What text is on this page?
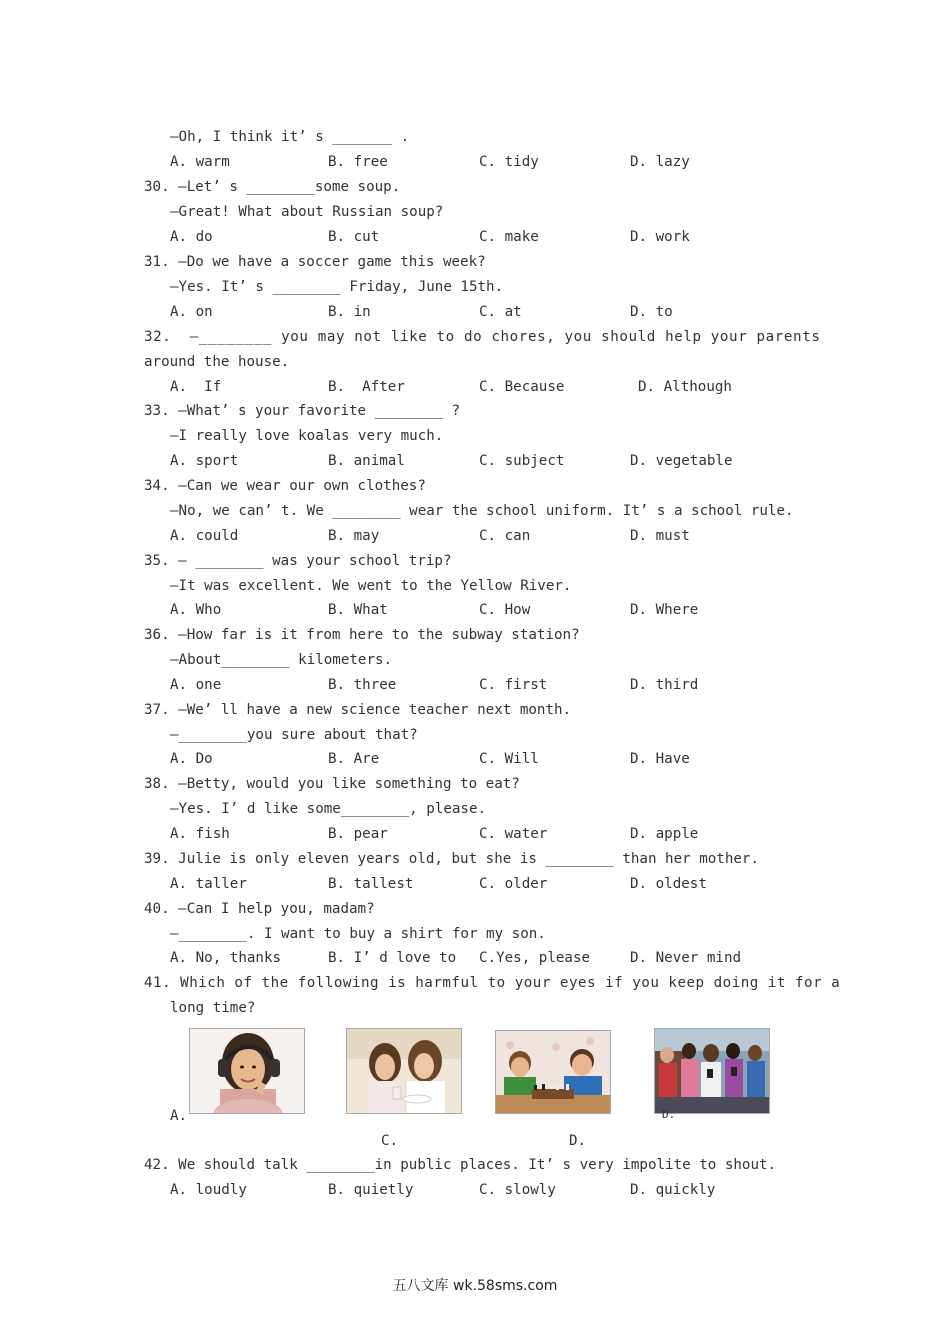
—Oh, I think it’ s _______ .
A. warm	B. free	C. tidy	D. lazy
30. —Let’ s ________some soup.
—Great! What about Russian soup?
A. do	B. cut	C. make	D. work
31. —Do we have a soccer game this week?
—Yes. It’ s ________ Friday, June 15th.
A. on	B. in	C. at	D. to
32.  —________ you may not like to do chores, you should help your parents
around the house.
A.  If	B.  After	C. Because	D. Although
33. —What’ s your favorite ________ ?
—I really love koalas very much.
A. sport	B. animal	C. subject	D. vegetable
34. —Can we wear our own clothes?
—No, we can’ t. We ________ wear the school uniform. It’ s a school rule.
A. could	B. may	C. can	D. must
35. — ________ was your school trip?
—It was excellent. We went to the Yellow River.
A. Who	B. What	C. How	D. Where
36. —How far is it from here to the subway station?
—About________ kilometers.
A. one	B. three	C. first	D. third
37. —We’ ll have a new science teacher next month.
—________you sure about that?
A. Do	B. Are	C. Will	D. Have
38. —Betty, would you like something to eat?
—Yes. I’ d like some________, please.
A. fish	B. pear	C. water	D. apple
39. Julie is only eleven years old, but she is ________ than her mother.
A. taller	B. tallest	C. older	D. oldest
40. —Can I help you, madam?
—________. I want to buy a shirt for my son.
A. No, thanks	B. I’ d love to C.Yes, please	D. Never mind
41. Which of the following is harmful to your eyes if you keep doing it for a
long time?
A.
C.	D.
D.
42. We should talk ________in public places. It’ s very impolite to shout.
A. loudly	B. quietly	C. slowly	D. quickly
五八文库 wk.58sms.com
